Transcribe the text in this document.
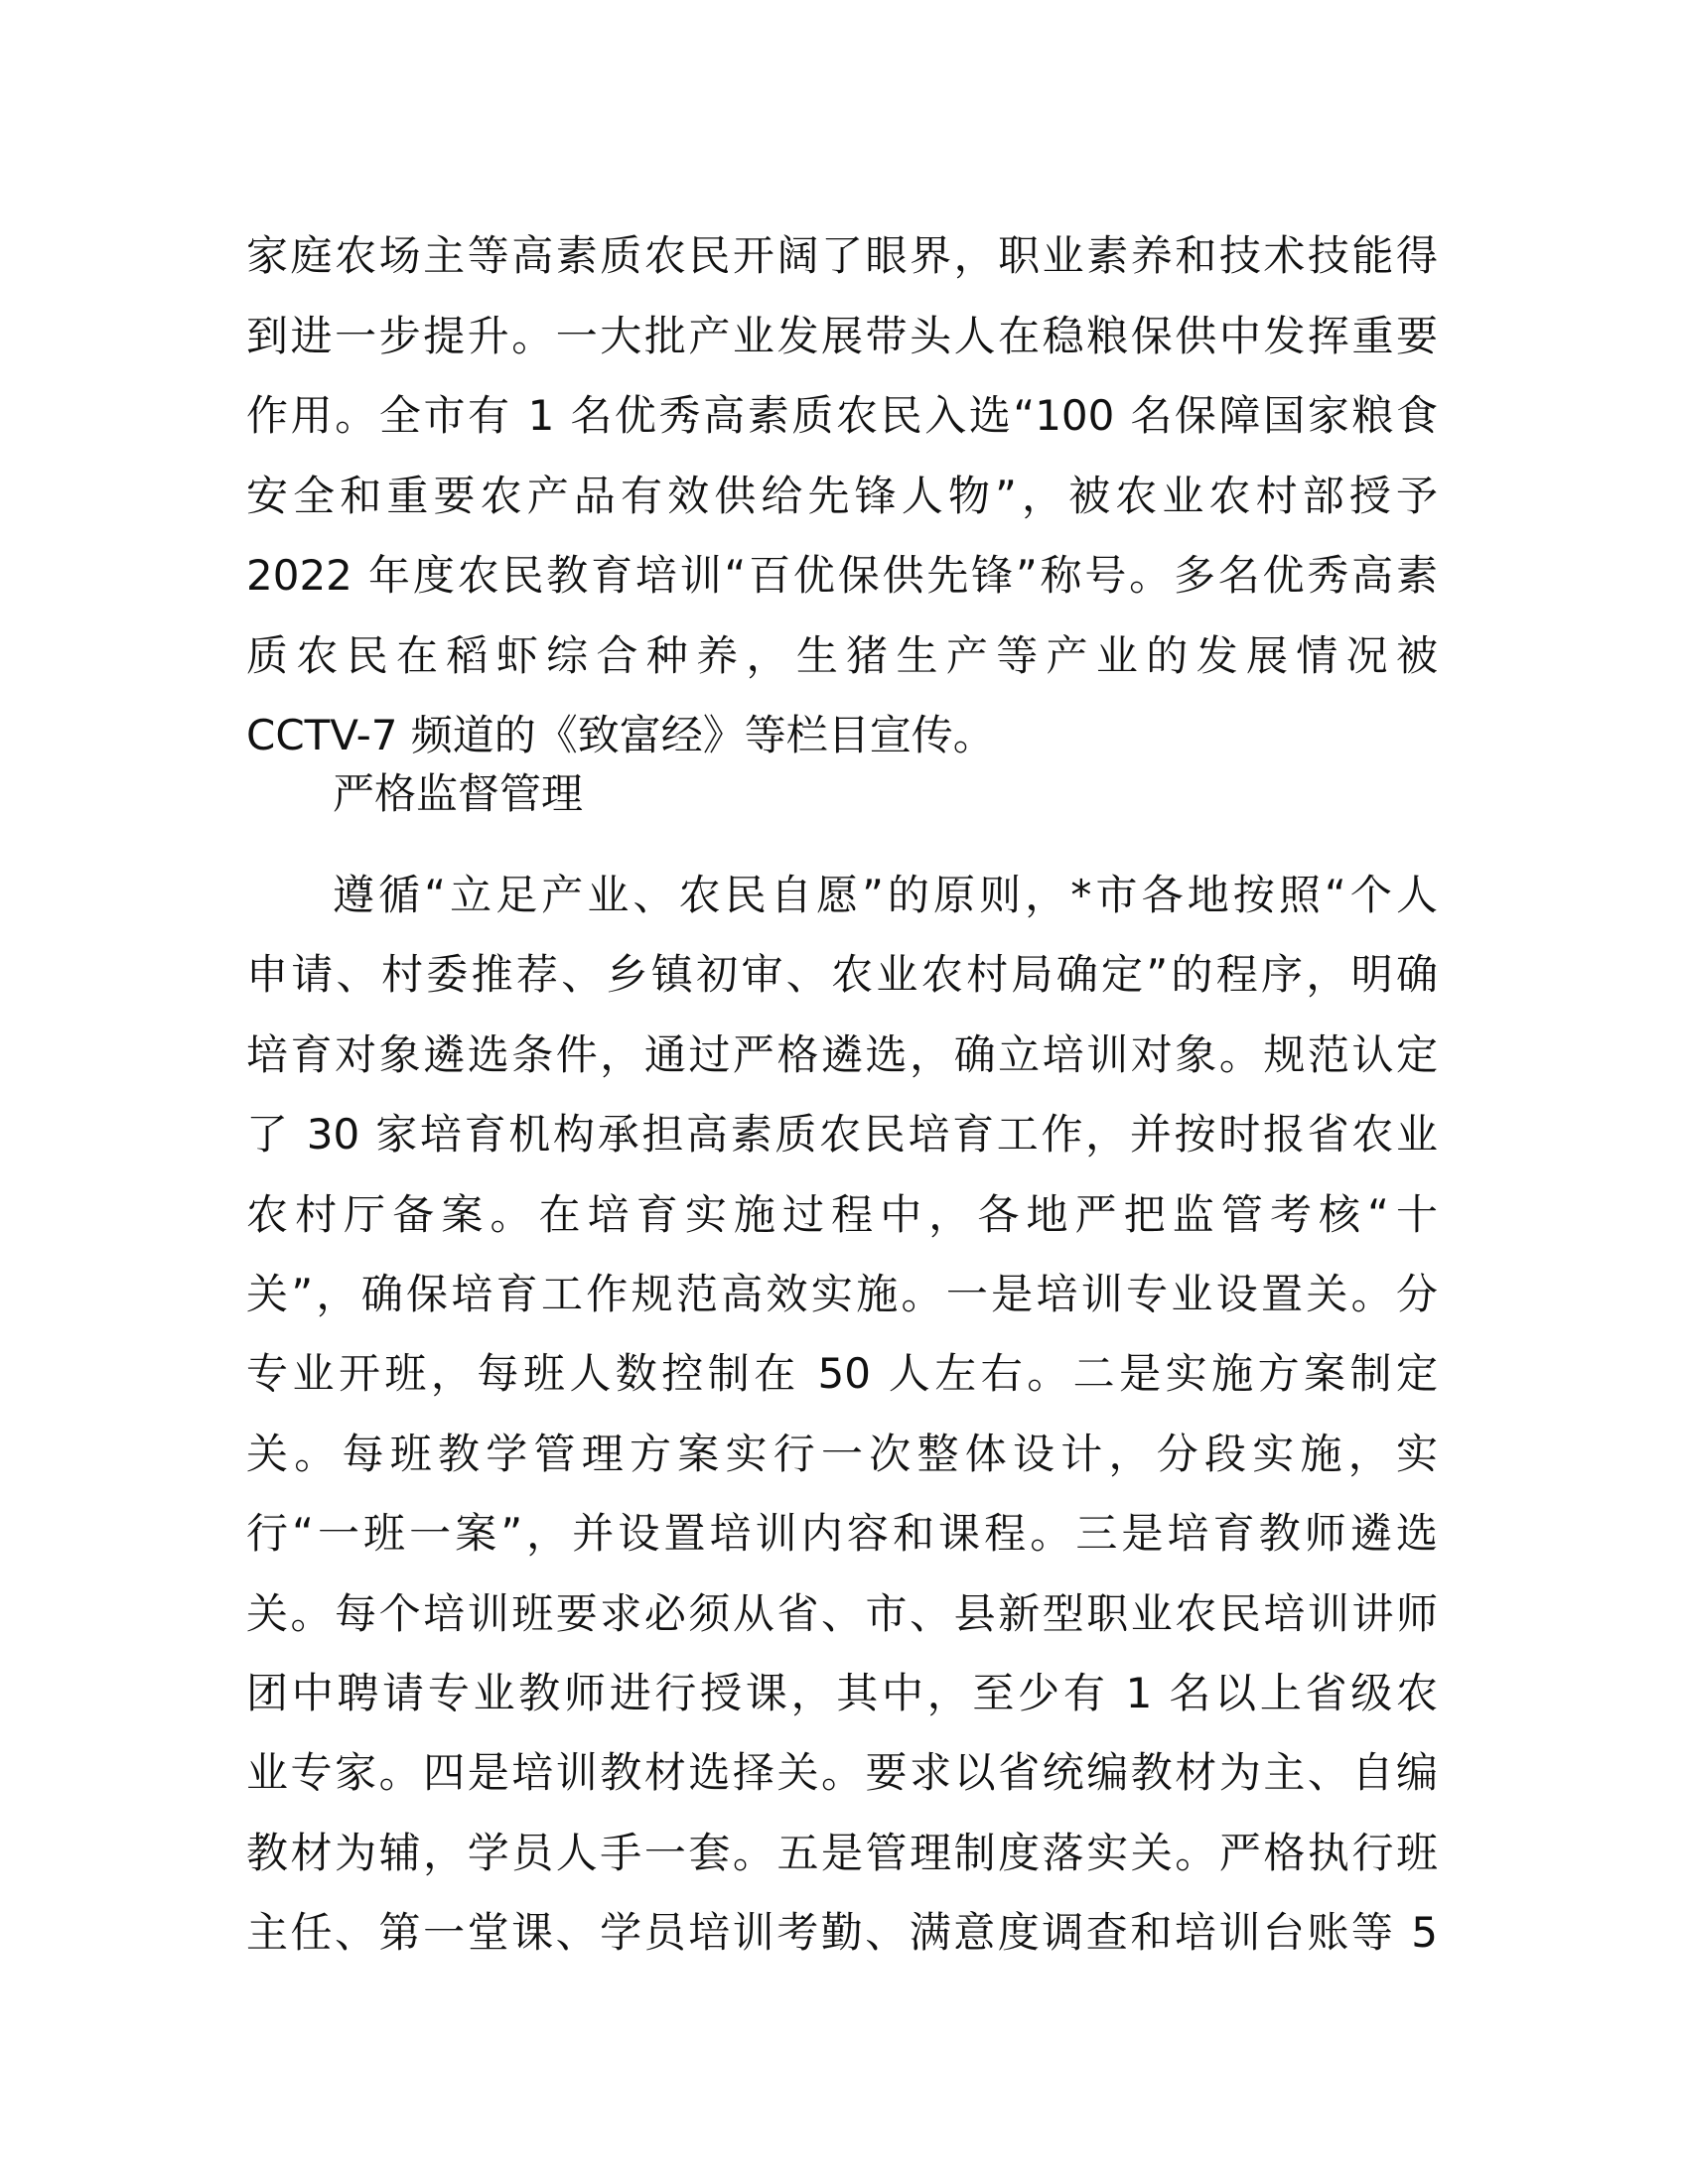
家庭农场主等高素质农民开阔了眼界，职业素养和技术技能得
到进一步提升。一大批产业发展带头人在稳粮保供中发挥重要
作用。全市有 1 名优秀高素质农民入选“100 名保障国家粮食
安全和重要农产品有效供给先锋人物”，被农业农村部授予
2022 年度农民教育培训“百优保供先锋”称号。多名优秀高素
质农民在稻虾综合种养，生猪生产等产业的发展情况被
CCTV-7 频道的《致富经》等栏目宣传。
严格监督管理
遵循“立足产业、农民自愿”的原则，*市各地按照“个人
申请、村委推荐、乡镇初审、农业农村局确定”的程序，明确
培育对象遴选条件，通过严格遴选，确立培训对象。规范认定
了 30 家培育机构承担高素质农民培育工作，并按时报省农业
农村厅备案。在培育实施过程中，各地严把监管考核“十
关”，确保培育工作规范高效实施。一是培训专业设置关。分
专业开班，每班人数控制在 50 人左右。二是实施方案制定
关。每班教学管理方案实行一次整体设计，分段实施，实
行“一班一案”，并设置培训内容和课程。三是培育教师遴选
关。每个培训班要求必须从省、市、县新型职业农民培训讲师
团中聘请专业教师进行授课，其中，至少有 1 名以上省级农
业专家。四是培训教材选择关。要求以省统编教材为主、自编
教材为辅，学员人手一套。五是管理制度落实关。严格执行班
主任、第一堂课、学员培训考勤、满意度调查和培训台账等 5
